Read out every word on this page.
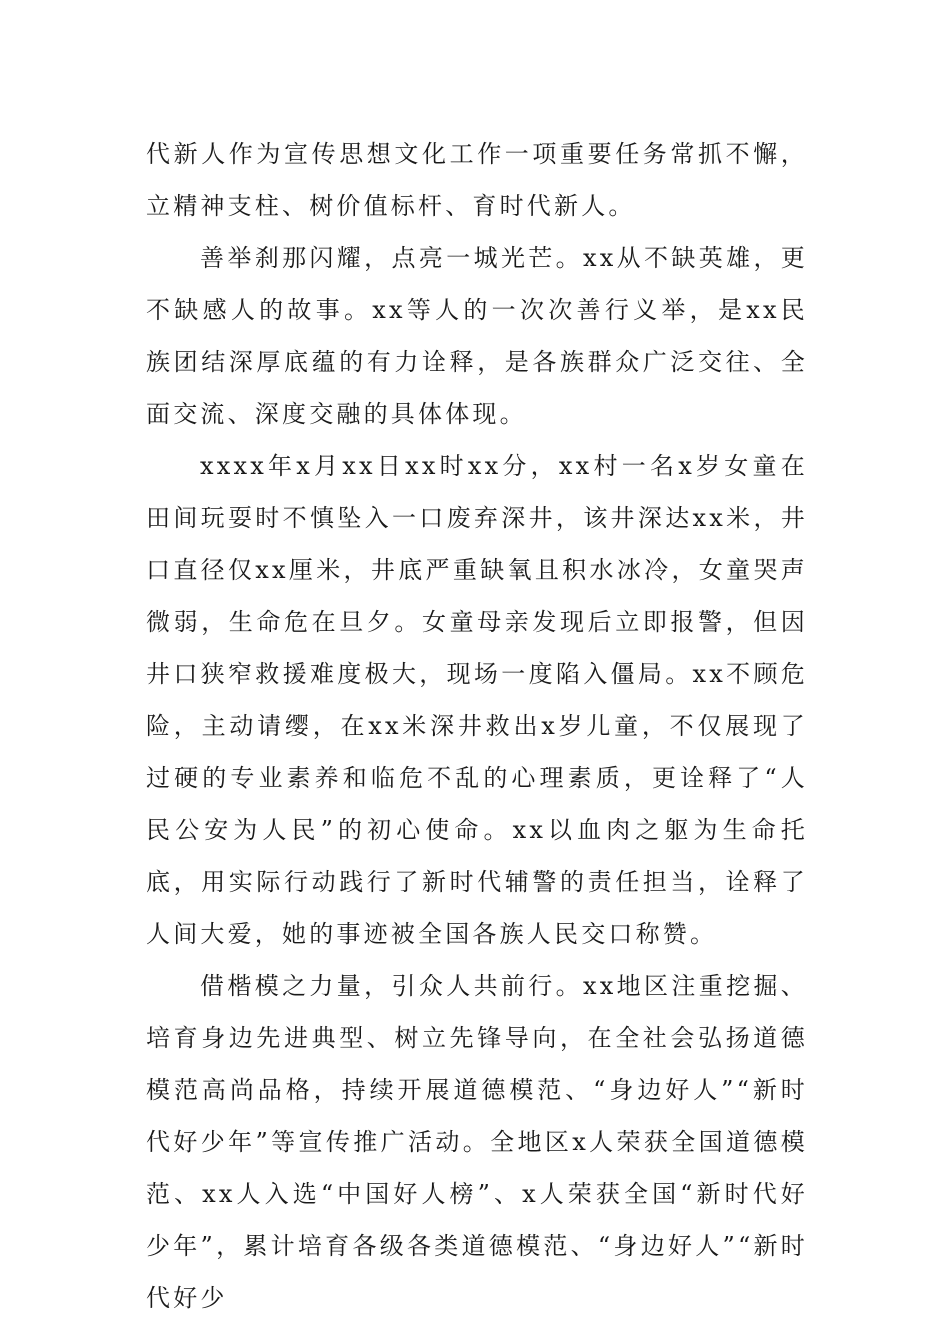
代新人作为宣传思想文化工作一项重要任务常抓不懈，立精神支柱、树价值标杆、育时代新人。

善举刹那闪耀，点亮一城光芒。xx从不缺英雄，更不缺感人的故事。xx等人的一次次善行义举，是xx民族团结深厚底蕴的有力诠释，是各族群众广泛交往、全面交流、深度交融的具体体现。

xxxx年x月xx日xx时xx分，xx村一名x岁女童在田间玩耍时不慎坠入一口废弃深井，该井深达xx米，井口直径仅xx厘米，井底严重缺氧且积水冰冷，女童哭声微弱，生命危在旦夕。女童母亲发现后立即报警，但因井口狭窄救援难度极大，现场一度陷入僵局。xx不顾危险，主动请缨，在xx米深井救出x岁儿童，不仅展现了过硬的专业素养和临危不乱的心理素质，更诠释了“人民公安为人民”的初心使命。xx以血肉之躯为生命托底，用实际行动践行了新时代辅警的责任担当，诠释了人间大爱，她的事迹被全国各族人民交口称赞。

借楷模之力量，引众人共前行。xx地区注重挖掘、培育身边先进典型、树立先锋导向，在全社会弘扬道德模范高尚品格，持续开展道德模范、“身边好人”“新时代好少年”等宣传推广活动。全地区x人荣获全国道德模范、xx人入选“中国好人榜”、x人荣获全国“新时代好少年”，累计培育各级各类道德模范、“身边好人”“新时代好少
